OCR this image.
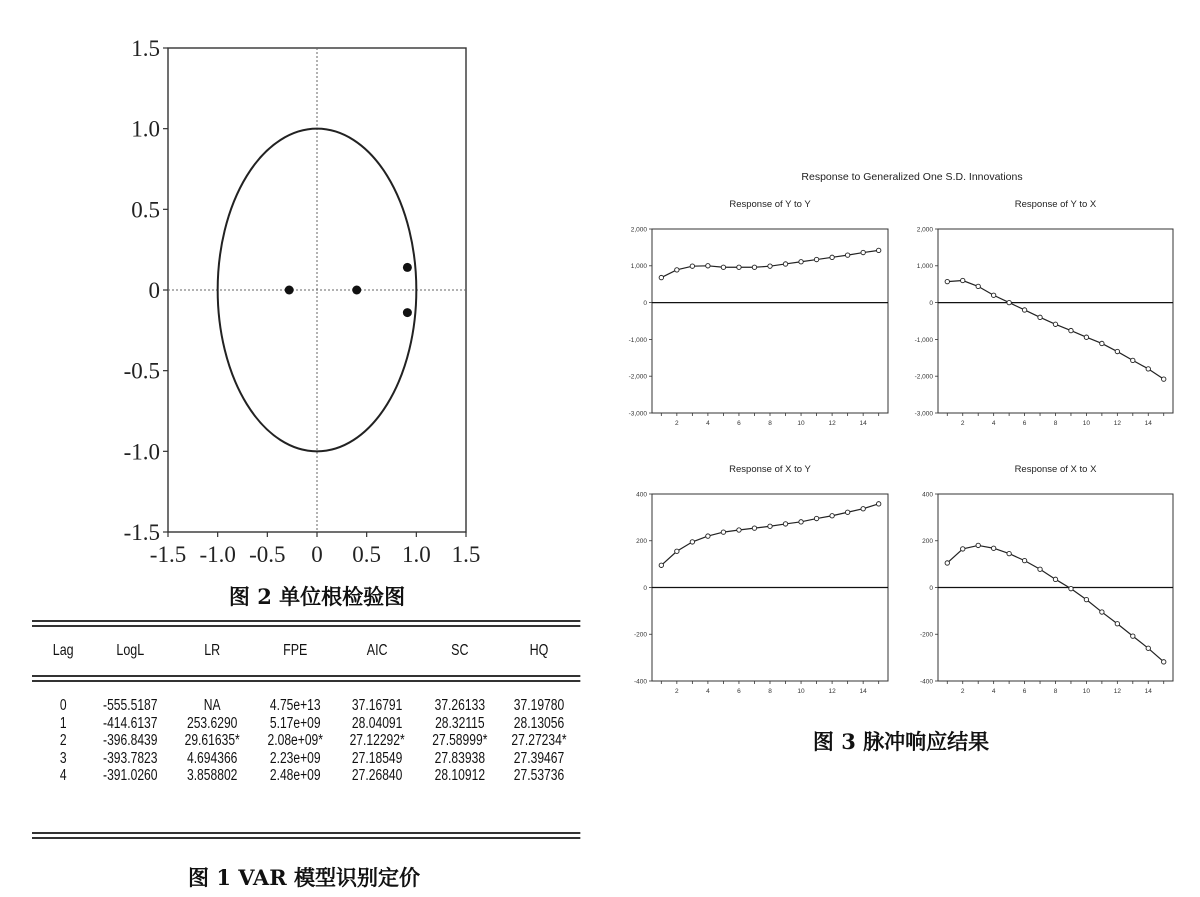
1.5
1.0
0.5
0
-0.5
-1.0
-1.5
-1.5 -1.0 -0.5 0 0.5 1.0 1.5
Response to Generalized One S.D. Innovations
Response of Y to Y
2,000
1,000
0
-1,000
-2,000
-3,000
2	4	6	8	10	12	14
Response of Y to X
2,000
1,000
0
-1,000
-2,000
-3,000
2	4	6	8	10	12	14
Response of X to Y
400
200
0
-200
-400
2	4	6	8	10	12	14
Response of X to X
400
200
0
-200
-400
2	4	6	8	10	12	14
图 2 单位根检验图
Lag	LogL	LR	FPE	AIC	SC	HQ
0	-555.5187	NA	4.75e+13	37.16791	37.26133	37.19780
1	-414.6137	253.6290	5.17e+09	28.04091	28.32115	28.13056
2	-396.8439	29.61635*	2.08e+09*	27.12292*	27.58999*	27.27234*
3	-393.7823	4.694366	2.23e+09	27.18549	27.83938	27.39467
4	-391.0260	3.858802	2.48e+09	27.26840	28.10912	27.53736
图 1 VAR 模型识别定价
图 3 脉冲响应结果
